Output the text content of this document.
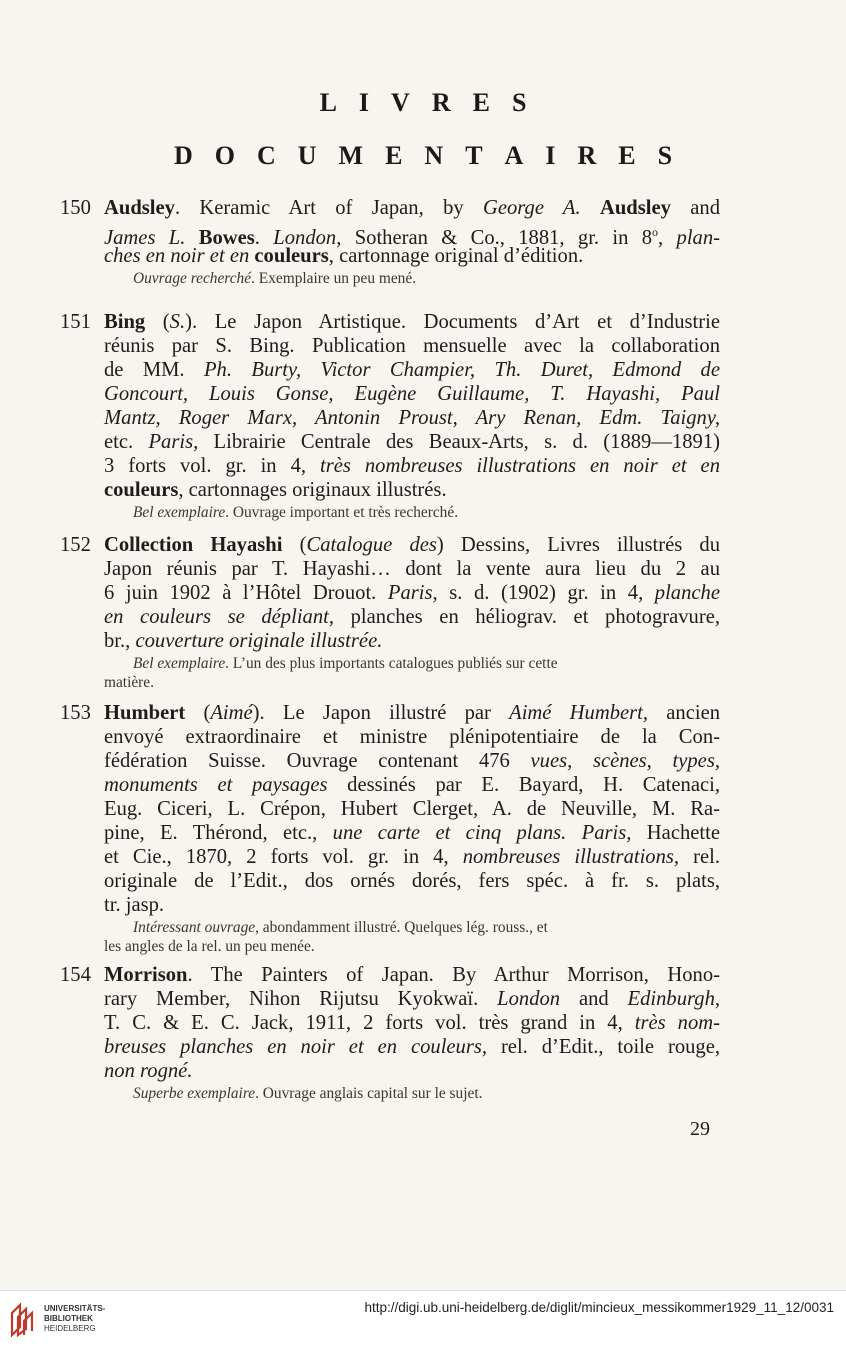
L I V R E S
D O C U M E N T A I R E S
150 Audsley. Keramic Art of Japan, by George A. Audsley and
James L. Bowes. London, Sotheran & Co., 1881, gr. in 8$^o$, plan-
ches en noir et en couleurs, cartonnage original d’édition.
Ouvrage recherché. Exemplaire un peu mené.
151 Bing (S.). Le Japon Artistique. Documents d’Art et d’Industrie
réunis par S. Bing. Publication mensuelle avec la collaboration
de MM. Ph. Burty, Victor Champier, Th. Duret, Edmond de
Goncourt, Louis Gonse, Eugène Guillaume, T. Hayashi, Paul
Mantz, Roger Marx, Antonin Proust, Ary Renan, Edm. Taigny,
etc. Paris, Librairie Centrale des Beaux-Arts, s. d. (1889—1891)
3 forts vol. gr. in 4, très nombreuses illustrations en noir et en
couleurs, cartonnages originaux illustrés.
Bel exemplaire. Ouvrage important et très recherché.
152 Collection Hayashi (Catalogue des) Dessins, Livres illustrés du
Japon réunis par T. Hayashi… dont la vente aura lieu du 2 au
6 juin 1902 à l’Hôtel Drouot. Paris, s. d. (1902) gr. in 4, planche
en couleurs se dépliant, planches en héliograv. et photogravure,
br., couverture originale illustrée.
Bel exemplaire. L’un des plus importants catalogues publiés sur cette
matière.
153 Humbert (Aimé). Le Japon illustré par Aimé Humbert, ancien
envoyé extraordinaire et ministre plénipotentiaire de la Con-
fédération Suisse. Ouvrage contenant 476 vues, scènes, types,
monuments et paysages dessinés par E. Bayard, H. Catenaci,
Eug. Ciceri, L. Crépon, Hubert Clerget, A. de Neuville, M. Ra-
pine, E. Thérond, etc., une carte et cinq plans. Paris, Hachette
et Cie., 1870, 2 forts vol. gr. in 4, nombreuses illustrations, rel.
originale de l’Edit., dos ornés dorés, fers spéc. à fr. s. plats,
tr. jasp.
Intéressant ouvrage, abondamment illustré. Quelques lég. rouss., et
les angles de la rel. un peu menée.
154 Morrison. The Painters of Japan. By Arthur Morrison, Hono-
rary Member, Nihon Rijutsu Kyokwaï. London and Edinburgh,
T. C. & E. C. Jack, 1911, 2 forts vol. très grand in 4, très nom-
breuses planches en noir et en couleurs, rel. d’Edit., toile rouge,
non rogné.
Superbe exemplaire. Ouvrage anglais capital sur le sujet.
29
UNIVERSITÄTS-
BIBLIOTHEK
HEIDELBERG
http://digi.ub.uni-heidelberg.de/diglit/mincieux_messikommer1929_11_12/0031
